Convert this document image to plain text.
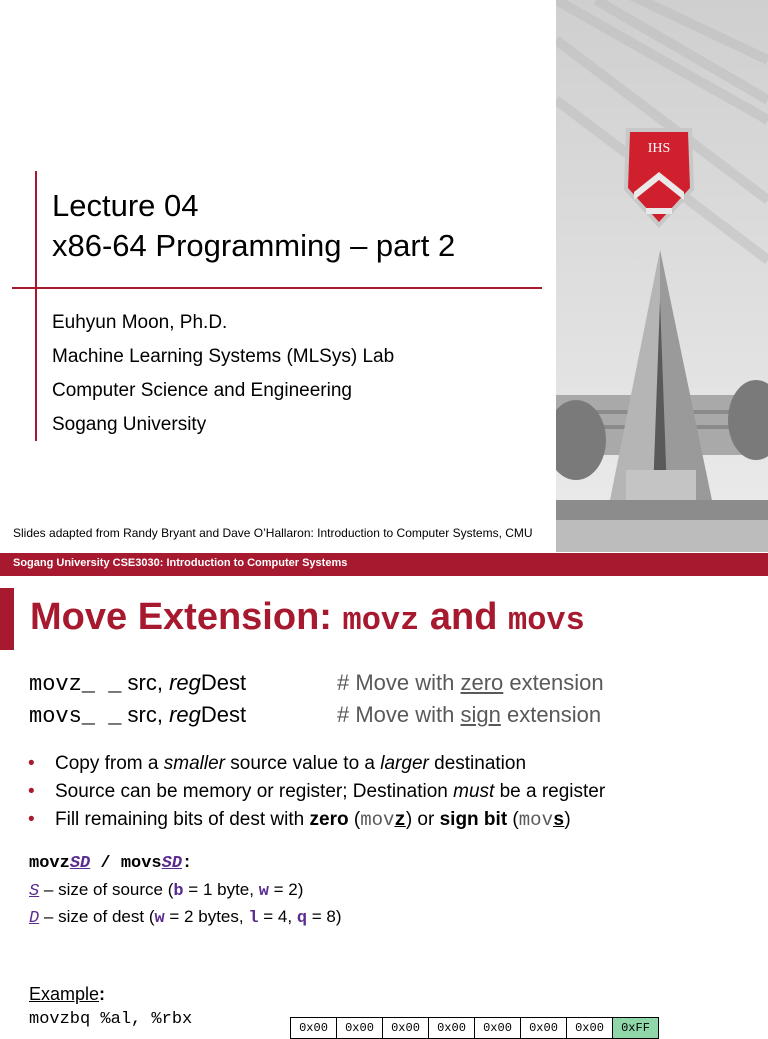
Lecture 04
x86-64 Programming – part 2
Euhyun Moon, Ph.D.
Machine Learning Systems (MLSys) Lab
Computer Science and Engineering
Sogang University
Slides adapted from Randy Bryant and Dave O’Hallaron: Introduction to Computer Systems, CMU
IHS
Sogang University CSE3030: Introduction to Computer Systems
Move Extension: movz and movs
movz_ _ src, regDest	# Move with zero extension
movs_ _ src, regDest	# Move with sign extension
• Copy from a smaller source value to a larger destination
• Source can be memory or register; Destination must be a register
• Fill remaining bits of dest with zero (movz) or sign bit (movs)
movzSD / movsSD:
S – size of source (b = 1 byte, w = 2)
D – size of dest (w = 2 bytes, l = 4, q = 8)
Example:
movzbq %al, %rbx	0x00	0x00	0x00	0x00	0x00	0x00	0x00	0xFF
